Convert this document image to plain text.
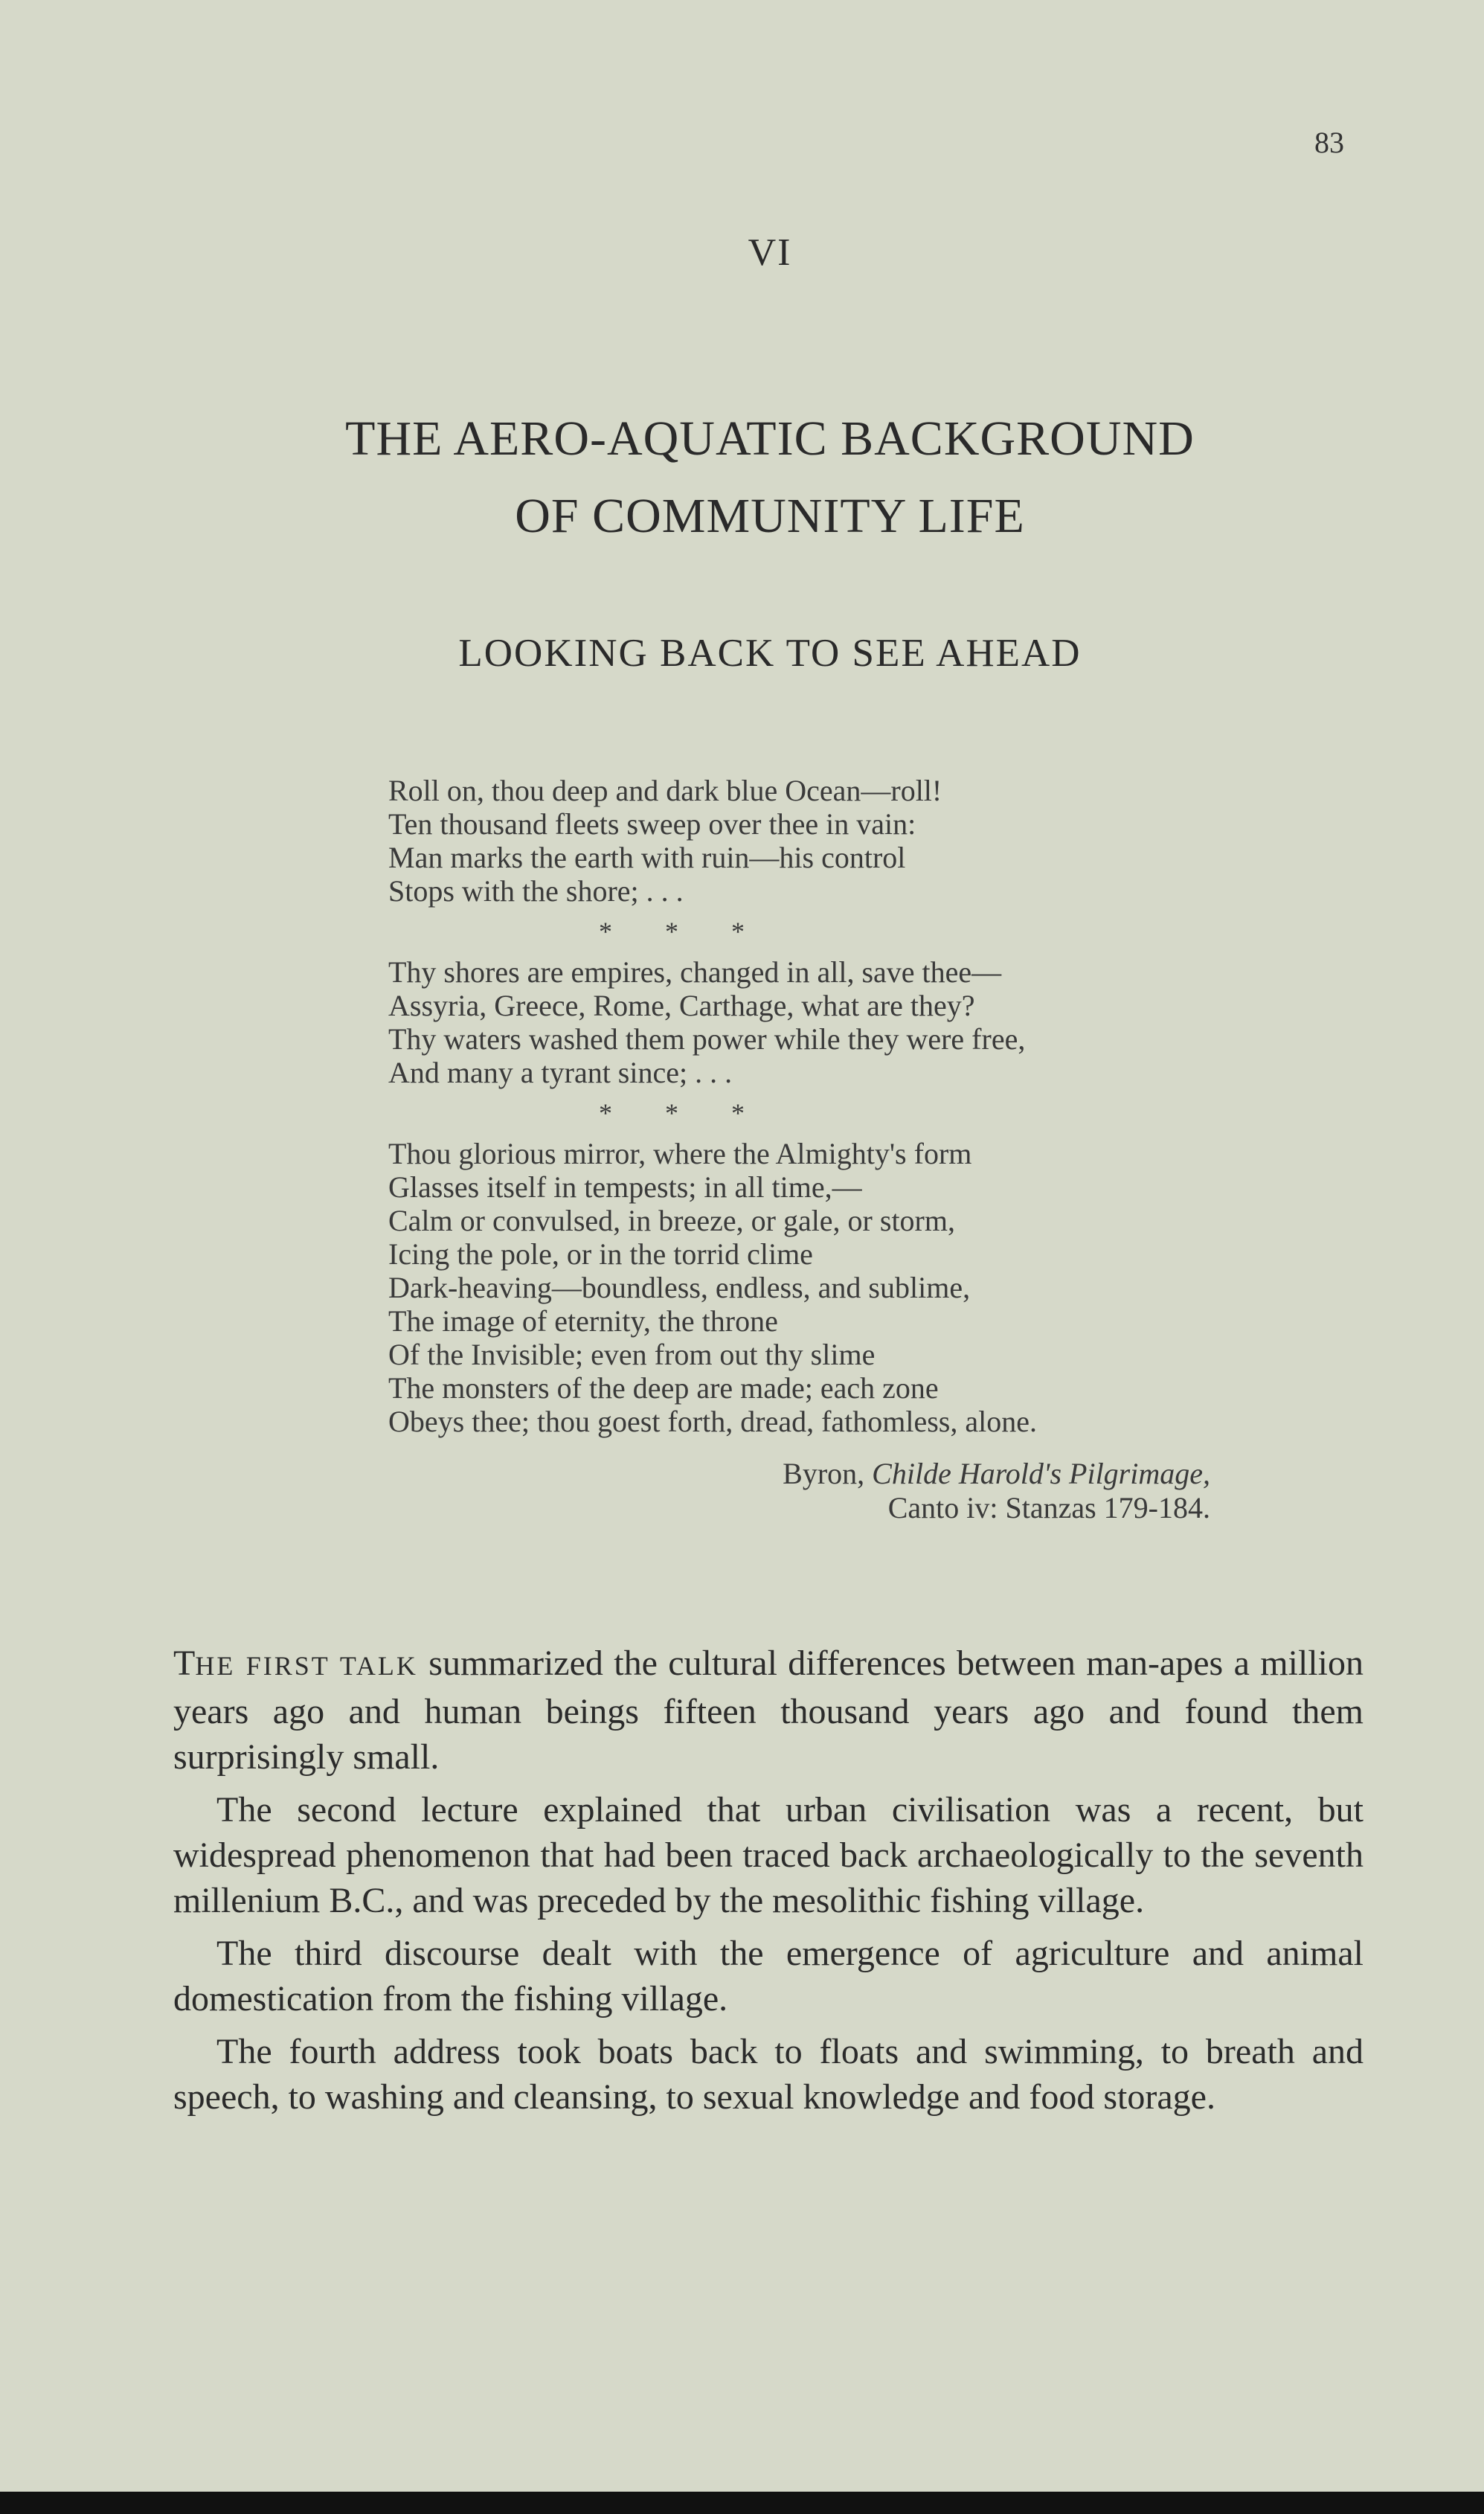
83
VI
THE AERO-AQUATIC BACKGROUND
OF COMMUNITY LIFE
LOOKING BACK TO SEE AHEAD
Roll on, thou deep and dark blue Ocean—roll!
Ten thousand fleets sweep over thee in vain:
Man marks the earth with ruin—his control
Stops with the shore; . . .
* * *
Thy shores are empires, changed in all, save thee—
Assyria, Greece, Rome, Carthage, what are they?
Thy waters washed them power while they were free,
And many a tyrant since; . . .
* * *
Thou glorious mirror, where the Almighty's form
Glasses itself in tempests; in all time,—
Calm or convulsed, in breeze, or gale, or storm,
Icing the pole, or in the torrid clime
Dark-heaving—boundless, endless, and sublime,
The image of eternity, the throne
Of the Invisible; even from out thy slime
The monsters of the deep are made; each zone
Obeys thee; thou goest forth, dread, fathomless, alone.
Byron, Childe Harold's Pilgrimage,
Canto iv: Stanzas 179-184.

THE FIRST TALK summarized the cultural differences between man-apes a million years ago and human beings fifteen thousand years ago and found them surprisingly small.

The second lecture explained that urban civilisation was a recent, but widespread phenomenon that had been traced back archaeologically to the seventh millenium B.C., and was preceded by the mesolithic fishing village.

The third discourse dealt with the emergence of agriculture and animal domestication from the fishing village.

The fourth address took boats back to floats and swimming, to breath and speech, to washing and cleansing, to sexual knowledge and food storage.
